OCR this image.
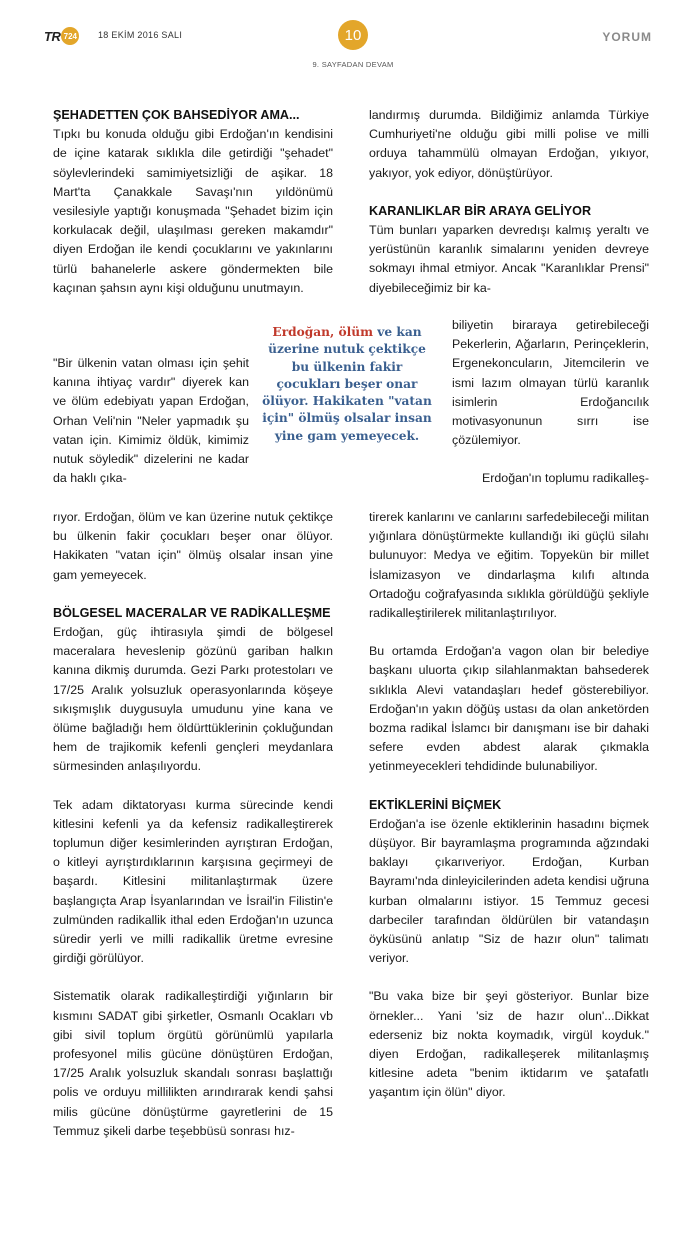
TR 724 18 EKİM 2016 SALI	10
9. SAYFADAN DEVAM
YORUM
ŞEHADETTEN ÇOK BAHSEDİYOR AMA...

Tıpkı bu konuda olduğu gibi Erdoğan'ın kendisini de içine katarak sıklıkla dile getirdiği "şehadet" söylevlerindeki samimiyetsizliği de aşikar. 18 Mart'ta Çanakkale Savaşı'nın yıldönümü vesilesiyle yaptığı konuşmada "Şehadet bizim için korkulacak değil, ulaşılması gereken makamdır" diyen Erdoğan ile kendi çocuklarını ve yakınlarını türlü bahanelerle askere göndermekten bile kaçınan şahsın aynı kişi olduğunu unutmayın.

"Bir ülkenin vatan olması için şehit kanına ihtiyaç vardır" diyerek kan ve ölüm edebiyatı yapan Erdoğan, Orhan Veli'nin "Neler yapmadık şu vatan için. Kimimiz öldük, kimimiz nutuk söyledik" dizelerini ne kadar da haklı çıka-

Erdoğan, ölüm ve kan üzerine nutuk çektikçe bu ülkenin fakir çocukları beşer onar ölüyor. Hakikaten "vatan için" ölmüş olsalar insan yine gam yemeyecek.

rıyor. Erdoğan, ölüm ve kan üzerine nutuk çektikçe bu ülkenin fakir çocukları beşer onar ölüyor. Hakikaten "vatan için" ölmüş olsalar insan yine gam yemeyecek.

BÖLGESEL MACERALAR VE RADİKALLEŞME

Erdoğan, güç ihtirasıyla şimdi de bölgesel maceralara heveslenip gözünü gariban halkın kanına dikmiş durumda. Gezi Parkı protestoları ve 17/25 Aralık yolsuzluk operasyonlarında köşeye sıkışmışlık duygusuyla umudunu yine kana ve ölüme bağladığı hem öldürttüklerinin çokluğundan hem de trajikomik kefenli gençleri meydanlara sürmesinden anlaşılıyordu.

Tek adam diktatoryası kurma sürecinde kendi kitlesini kefenli ya da kefensiz radikalleştirerek toplumun diğer kesimlerinden ayrıştıran Erdoğan, o kitleyi ayrıştırdıklarının karşısına geçirmeyi de başardı. Kitlesini militanlaştırmak üzere başlangıçta Arap İsyanlarından ve İsrail'in Filistin'e zulmünden radikallik ithal eden Erdoğan'ın uzunca süredir yerli ve milli radikallik üretme evresine girdiği görülüyor.

Sistematik olarak radikalleştirdiği yığınların bir kısmını SADAT gibi şirketler, Osmanlı Ocakları vb gibi sivil toplum örgütü görünümlü yapılarla profesyonel milis gücüne dönüştüren Erdoğan, 17/25 Aralık yolsuzluk skandalı sonrası başlattığı polis ve orduyu millilikten arındırarak kendi şahsi milis gücüne dönüştürme gayretlerini de 15 Temmuz şikeli darbe teşebbüsü sonrası hız-

landırmış durumda. Bildiğimiz anlamda Türkiye Cumhuriyeti'ne olduğu gibi milli polise ve milli orduya tahammülü olmayan Erdoğan, yıkıyor, yakıyor, yok ediyor, dönüştürüyor.

KARANLIKLAR BİR ARAYA GELİYOR

Tüm bunları yaparken devredışı kalmış yeraltı ve yerüstünün karanlık simalarını yeniden devreye sokmayı ihmal etmiyor. Ancak "Karanlıklar Prensi" diyebileceğimiz bir ka-

biliyetin biraraya getirebileceği Pekerlerin, Ağarların, Perinçeklerin, Ergenekoncuların, Jitemcilerin ve ismi lazım olmayan türlü karanlık isimlerin Erdoğancılık motivasyonunun sırrı ise çözülemiyor.

Erdoğan'ın toplumu radikalleş-

tirerek kanlarını ve canlarını sarfedebileceği militan yığınlara dönüştürmekte kullandığı iki güçlü silahı bulunuyor: Medya ve eğitim. Topyekün bir millet İslamizasyon ve dindarlaşma kılıfı altında Ortadoğu coğrafyasında sıklıkla görüldüğü şekliyle radikalleştirilerek militanlaştırılıyor.

Bu ortamda Erdoğan'a vagon olan bir belediye başkanı uluorta çıkıp silahlanmaktan bahsederek sıklıkla Alevi vatandaşları hedef gösterebiliyor. Erdoğan'ın yakın döğüş ustası da olan anketörden bozma radikal İslamcı bir danışmanı ise bir dahaki sefere evden abdest alarak çıkmakla yetinmeyecekleri tehdidinde bulunabiliyor.

EKTİKLERİNİ BİÇMEK

Erdoğan'a ise özenle ektiklerinin hasadını biçmek düşüyor. Bir bayramlaşma programında ağzındaki baklayı çıkarıveriyor. Erdoğan, Kurban Bayramı'nda dinleyicilerinden adeta kendisi uğruna kurban olmalarını istiyor. 15 Temmuz gecesi darbeciler tarafından öldürülen bir vatandaşın öyküsünü anlatıp "Siz de hazır olun" talimatı veriyor.

"Bu vaka bize bir şeyi gösteriyor. Bunlar bize örnekler... Yani 'siz de hazır olun'...Dikkat ederseniz biz nokta koymadık, virgül koyduk." diyen Erdoğan, radikalleşerek militanlaşmış kitlesine adeta "benim iktidarım ve şatafatlı yaşantım için ölün" diyor.
